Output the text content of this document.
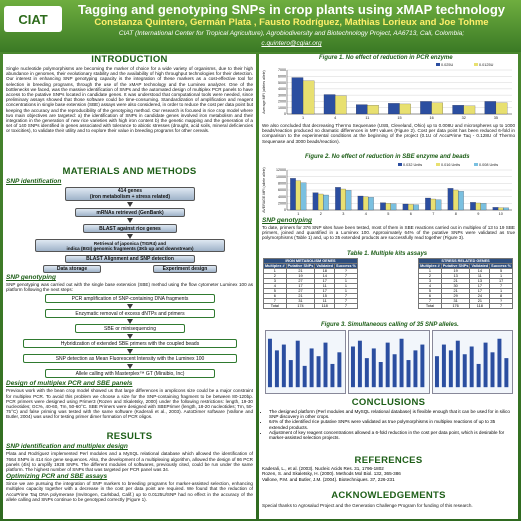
CIAT
Tagging and genotyping SNPs in crop plants using xMAP technology
Constanza Quintero, Germán Plata , Fausto Rodríguez, Mathias Lorieux and Joe Tohme
CIAT (International Center for Tropical Agriculture), Agrobiodiversity and Biotechnology Project, AA6713, Cali, Colombia;
c.quintero@cgiar.org
INTRODUCTION
Single nucleotide polymorphisms are becoming the marker of choice for a wide variety of organisms, due to their high abundance in genomes, their evolutionary stability and the availability of high throughput technologies for their detection. Our interest in enhancing SNP genotyping capacity is the integration of these markers as a cost-effective tool for selection in breeding programs, through the use of the xMAP technology and the Luminex analyzer. One of the bottlenecks we faced, was the massive identification of SNPs and the automated design of multiplex PCR panels to have access to the putative SNPs located in candidate genes. It was understood that computational tools were needed, since preliminary assays showed that those software could be time-consuming. Standardization of amplification and reagent concentrations in single base extension (SBE) assays were also considered, in order to reduce the cost per data point but keeping the accuracy and the reproducibility of the genotyping method. Our research is focused in rice crop model where two main objectives are targeted: a) the identification of SNPs in candidate genes involved iron metabolism and their integration in the generation of new rice varieties with high iron content b) the genetic mapping and the generation of a set of 140 SNPs identified in genes associated with tolerance to abiotic stresses (drought, acid soils, mineral deficiencies or toxicities), to validate their utility and to explore their value in breeding programs for other cereals.
MATERIALS AND METHODS
SNP identification
414 genes
(iron metabolism + stress related)
mRNAs retrieved (GenBank)
BLAST against rice genes
Retrieval of japonica (TIGR4) and
indica (BGI) genomic fragments (3Kb up and downstream)
BLAST Alignment and SNP detection
Data storage	Experiment design
SNP genotyping
SNP genotyping was carried out with the single base extension (SBE) method using the flow cytometer Luminex 100 as platform following the next steps:
PCR amplification of SNP-containing DNA fragments
Enzymatic removal of excess dNTPs and primers
SBE or minisequencing
Hybridization of extended SBE primers with the coupled beads
SNP detection as Mean Fluorescent Intensity with the Luminex 100
Allele calling with Masterplex™ GT (Miraibio, Inc)
Design of multiplex PCR and SBE panels
Previous work with the bean crop model showed us that large differences in amplicons size could be a major constraint for multiplex PCR. To avoid this problem we choose a size for the SNP-containing fragment to be between 80-120bp. PCR primers were designed using Primer3 (Rozen and Skaletsky, 2000) under the following restrictions: length, 19-30 nucleotides; GC%, 40-60, Tm, 50-60°C. SBE Primers were designed with SBEPrimer (length, 18-20 nucleotides; Tm, 50-75°C) and false priming was tested with the same software (Kaderali et al., 2003). AutoDimer software (Vallone and Butler, 2004) was used for testing primer dimer formation of PCR oligos.
RESULTS
SNP identification and multiplex design
Plata and Rodríguez implemented Perl modules and a MySQL relational database which allowed the identification of 7664 SNPs in 414 rice gene sequences. Also, the development of a multiplexing algorithm, allowed the design of 86 PCR panels (4ls) to amplify 1928 SNPs. The different modules of softwares, previously cited, could be run under the same platform. The highest number of SNPs that was targeted per PCR panel was 34.
Optimizing PCR and SBE assays
Since we are pursuing the integration of SNP markers to breeding programs for marker-assisted selection, enhancing multiplex capacity together with a decrease in the cost per data point are required. We found that the reduction of AccuPrime Taq DNA polymerase (Invitrogen, Carlsbad, Calif.) up to 0.0125U/SNP had no effect in the accuracy of the allele calling and SNPs continue to be genotyped correctly (Figure 1).
Figure 1. No effect of reduction in PCR enzyme
Average MFI (alleles allele)
0
1000
2000
3000
4000
5000
6000
7000
1	4	11	15	16	32	35
0.025U	0.0125U
We also concluded that decreasing Thermo Sequenase (USB, Cleveland, Ohio) up to 0.008U and microspheres up to 1000 beads/reaction produced no dramatic differences in MFI values (Figure 2). Cost per data point has been reduced 6-fold in comparison to the experimental conditions at the beginning of the project (0.1U of AccuPrime Taq - 0.128U of Thermo Sequenase and 3000 beads/reaction).
Figure 2. No effect of reduction in SBE enzyme and beads
AVERAGE MFI (allele allele)	0
2000
4000
6000
8000
10000
12000
1	2	3	4	5	6	7	8	9	10
0.032 Units	0.016 Units	0.008 Units
SNP genotyping
To date, primers for 376 SNP sites have been tested, most of them in SBE reactions carried out in multiplex of 13 to 19 SBE primers, joined and quantified in a Luminex 100. Approximately 64% of the putative SNPs were validated as true polymorphisms (Table 1) and, up to 35 extended products are successfully read together (Figure 3).
Table 1. Multiple kits assays
IRON METABOLISM GENES			
Multiplex #	Putative SNPs	Validated	Success %
1	21	18	?
2	19	14	7
3	27	17	1
4	17	11	1
5	27	17	1
6	21	15	7
7	31	11	7
Total	174	118	7
STRESS RELATED GENES			
Multiplex #	Putative SNPs	Validated	Success %
1	19	14	5
2	13	11	1
3	21	13	17
4	30	17	7
5	21	17	1
6	29	24	8
7	31	21	?
Total	176	118	7
Figure 3. Simultaneous calling of 35 SNP alleles.
CONCLUSIONS
• The designed platform (Perl modules and MySQL relational database) is flexible enough that it can be used for in silico SNP discovery in other crops.
• 64% of the identified rice putative SNPs were validated as true polymorphisms in multiplex reactions of up to 35 extended products.
• Adjustment of key reagent concentrations allowed a 6-fold reduction in the cost per data point, which is desirable for marker-assisted selection projects.
REFERENCES
Kaderali, L., et al. (2003). Nucleic Acids Res. 31, 1796-1802
Rozen, S. and Skaletsky, H. (2000). Methods Mol Biol. 132, 365-386
Vallone, P.M. and Butler, J.M. (2004). Biotechniques. 37, 226-231
ACKNOWLEDGEMENTS
Special thanks to Agrosalud Project and the Generation Challenge Program for funding of this research.
